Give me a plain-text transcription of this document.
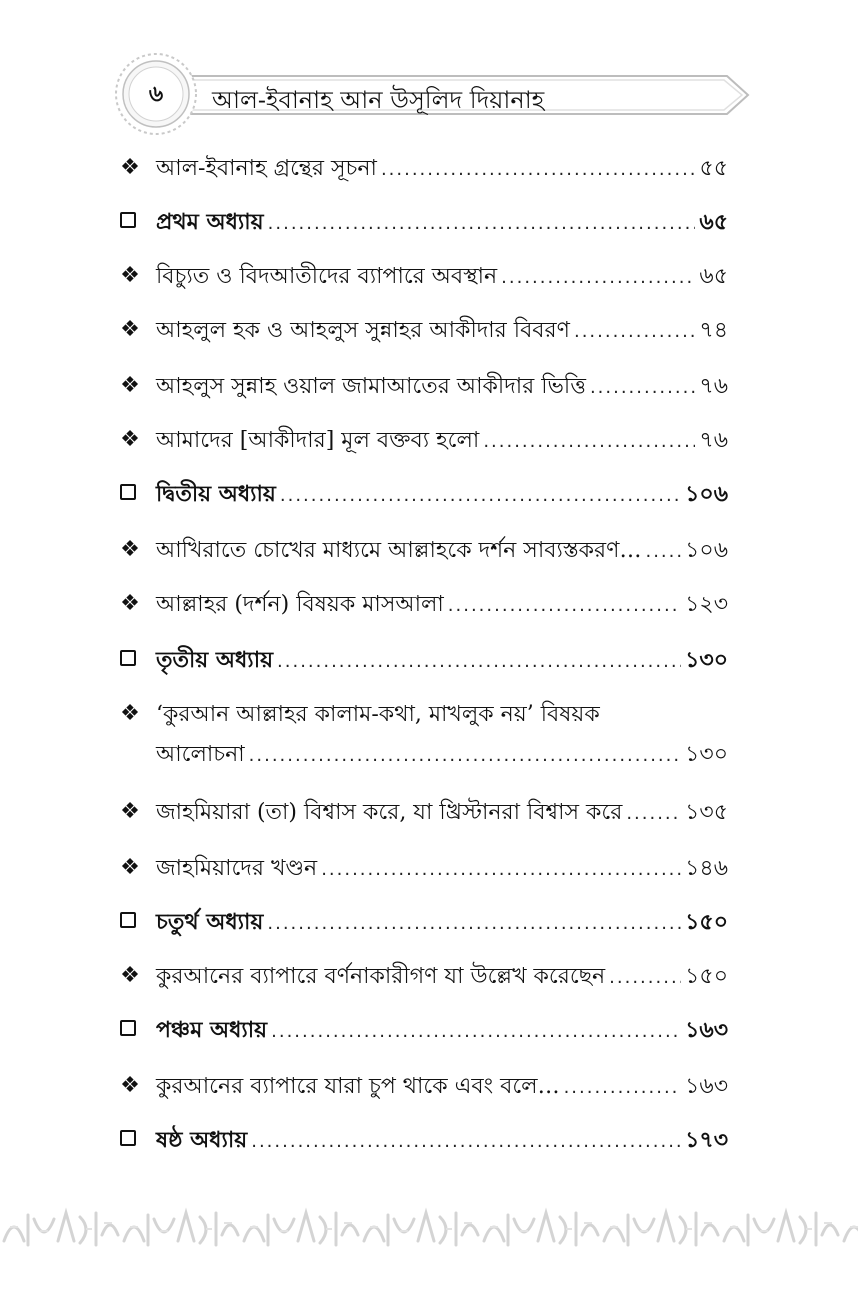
৬	আল-ইবানাহ আন উসূলিদ দিয়ানাহ
❖ আল-ইবানাহ গ্রন্থের সূচনা .....	৫৫
প্রথম অধ্যায় .....	৬৫
❖ বিচ্যুত ও বিদআতীদের ব্যাপারে অবস্থান .....	৬৫
❖ আহলুল হক ও আহলুস সুন্নাহর আকীদার বিবরণ .....	৭৪
❖ আহলুস সুন্নাহ ওয়াল জামাআতের আকীদার ভিত্তি .....	৭৬
❖ আমাদের [আকীদার] মূল বক্তব্য হলো .....	৭৬
দ্বিতীয় অধ্যায় .....	১০৬
❖ আখিরাতে চোখের মাধ্যমে আল্লাহকে দর্শন সাব্যস্তকরণ… ..... ১০৬
❖ আল্লাহর (দর্শন) বিষয়ক মাসআলা .....	১২৩
তৃতীয় অধ্যায় .....	১৩০
❖ ‘কুরআন আল্লাহর কালাম-কথা, মাখলুক নয়’ বিষয়ক
আলোচনা .....	১৩০
❖ জাহমিয়ারা (তা) বিশ্বাস করে, যা খ্রিস্টানরা বিশ্বাস করে .....	১৩৫
❖ জাহমিয়াদের খণ্ডন .....	১৪৬
চতুর্থ অধ্যায় .....	১৫০
❖ কুরআনের ব্যাপারে বর্ণনাকারীগণ যা উল্লেখ করেছেন .....	১৫০
পঞ্চম অধ্যায় .....	১৬৩
❖ কুরআনের ব্যাপারে যারা চুপ থাকে এবং বলে… .....	১৬৩
ষষ্ঠ অধ্যায় .....	১৭৩
